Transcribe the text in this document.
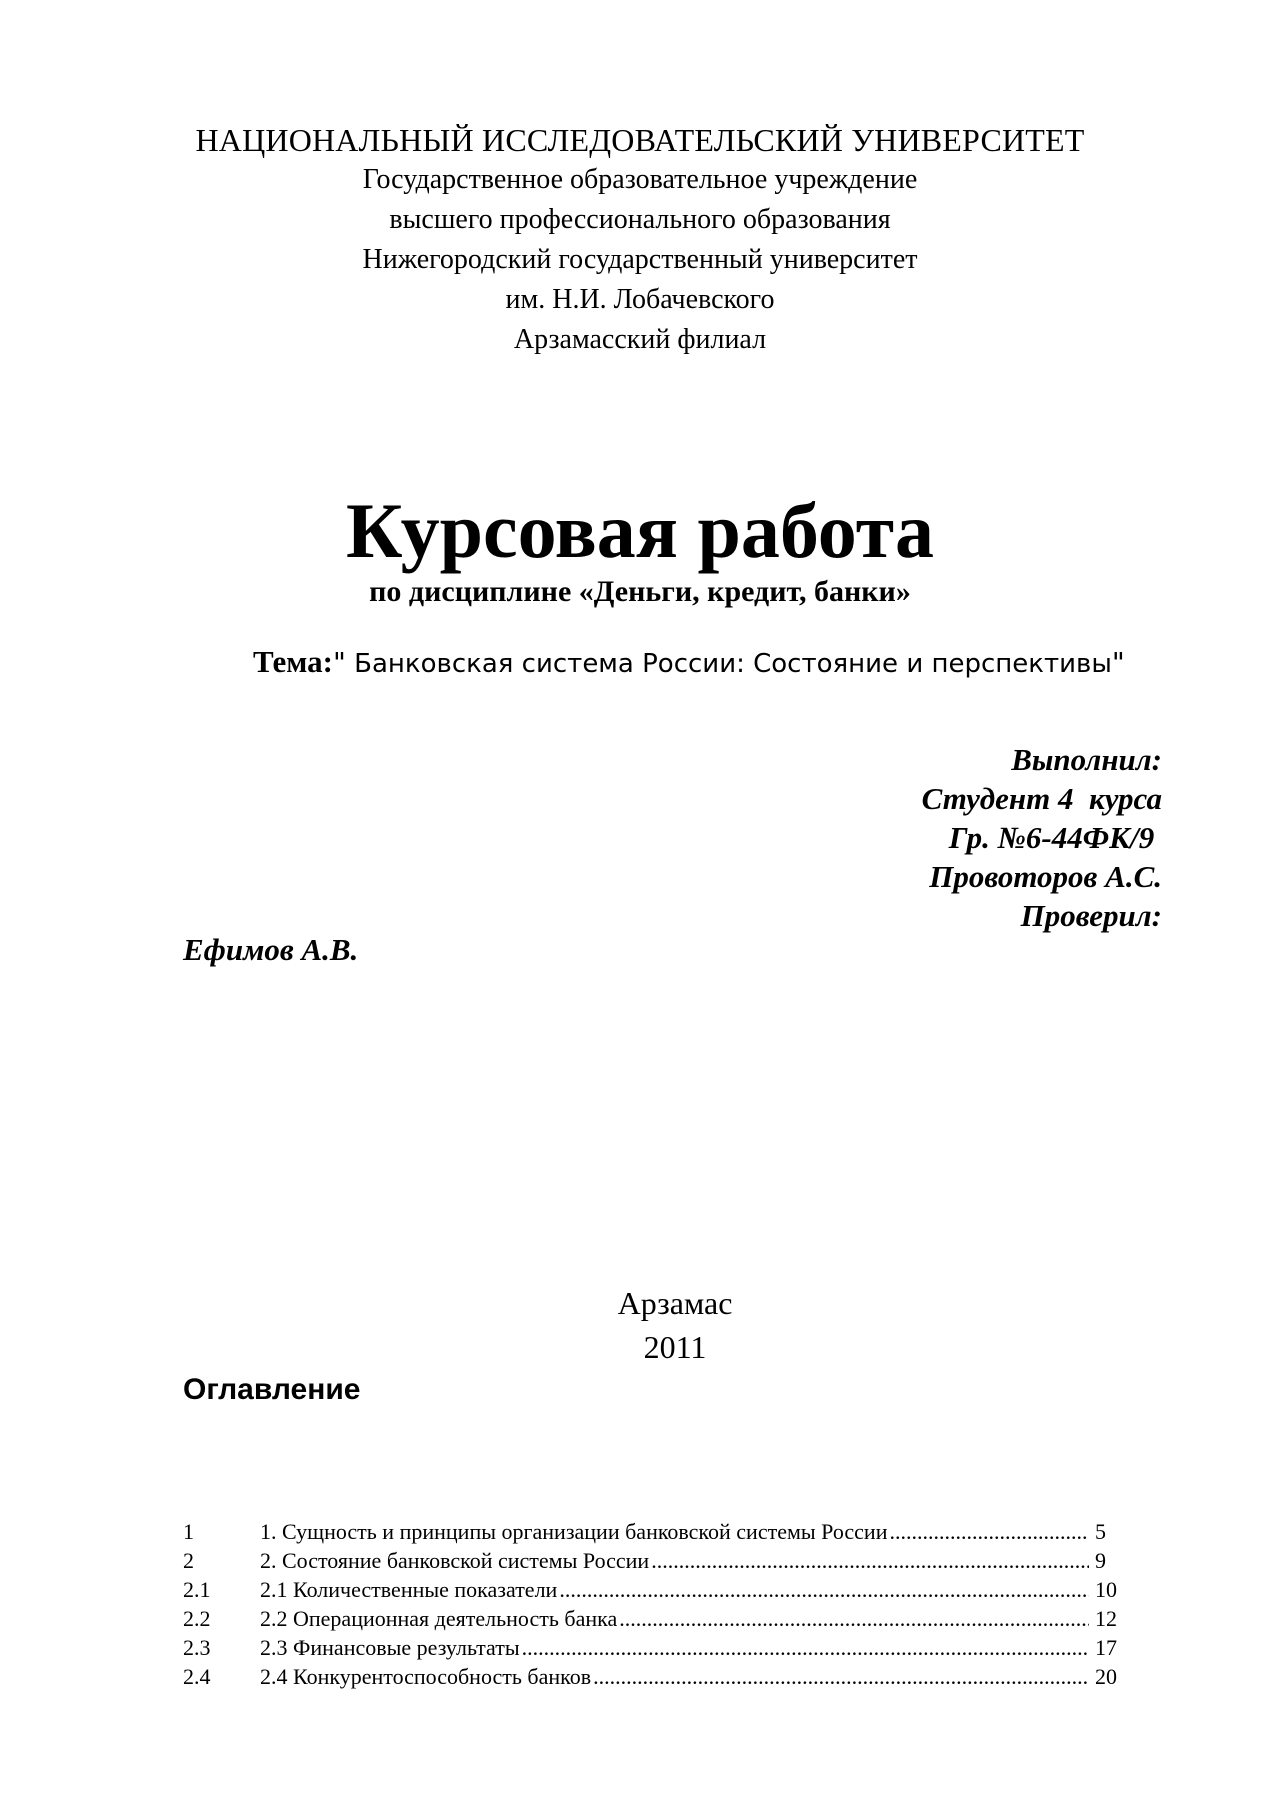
НАЦИОНАЛЬНЫЙ ИССЛЕДОВАТЕЛЬСКИЙ УНИВЕРСИТЕТ

Государственное образовательное учреждение

высшего профессионального образования

Нижегородский государственный университет

им. Н.И. Лобачевского

Арзамасский филиал

Курсовая работа

по дисциплине «Деньги, кредит, банки»

Тема:" Банковская система России: Состояние и перспективы"
Выполнил:
Студент 4  курса
Гр. №6-44ФК/9
Провоторов А.С.
Проверил:
Ефимов А.В.
Арзамас
2011
Оглавление
1	1. Сущность и принципы организации банковской системы России .....	5
2	2. Состояние банковской системы России .....	9
2.1	2.1 Количественные показатели .....	10
2.2	2.2 Операционная деятельность банка .....	12
2.3	2.3 Финансовые результаты .....	17
2.4	2.4 Конкурентоспособность банков .....	20
